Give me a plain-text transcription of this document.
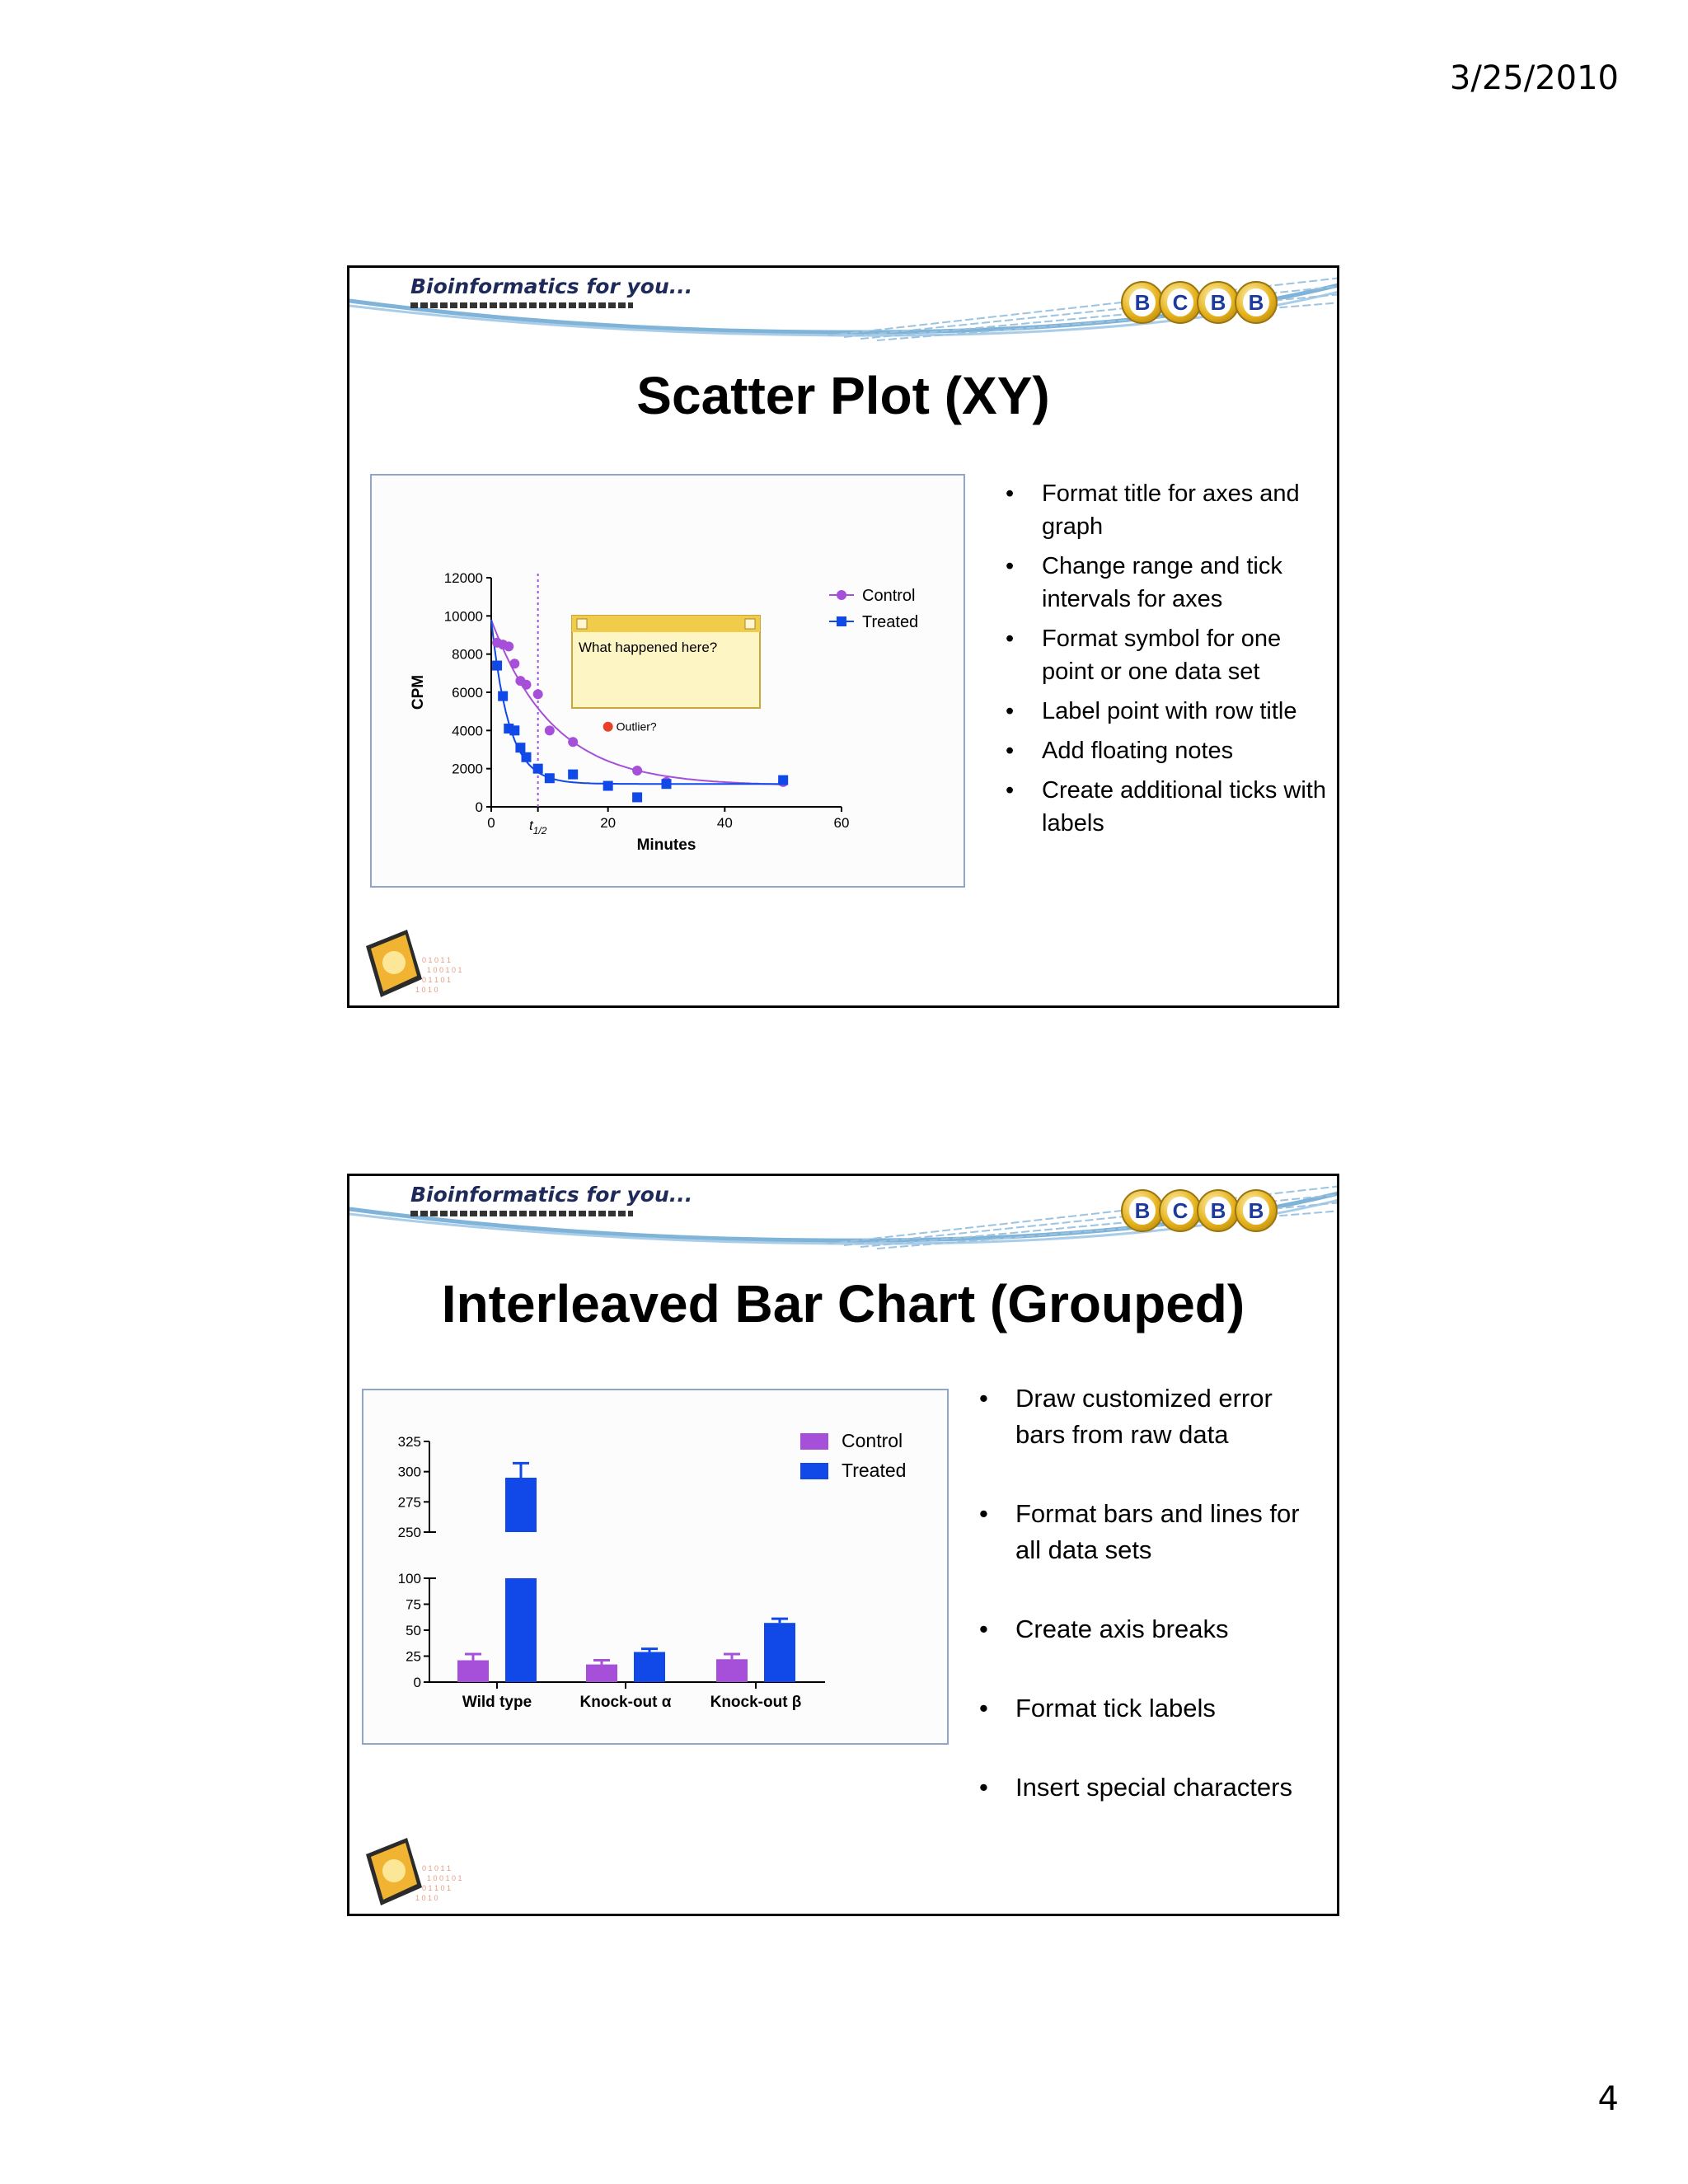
3/25/2010
Bioinformatics for you...
B C B B
Scatter Plot (XY)
0
2000
4000
6000
8000
10000
12000
0	20	40	60
$t_{1/2}$
Minutes
CPM
Outlier?
What happened here?
Control
Treated
• Format title for axes and graph
• Change range and tick intervals for axes
• Format symbol for one point or one data set
• Label point with row title
• Add floating notes
• Create additional ticks with labels
0 1 0 1 1
1 0 0 1 0 1
0 1 1 0 1
1 0 1 0
Bioinformatics for you...
B C B B
Interleaved Bar Chart (Grouped)
0
25
50
75
100
250
275
300
325
Wild type	Knock-out α Knock-out β
Control
Treated
• Draw customized error bars from raw data
• Format bars and lines for all data sets
• Create axis breaks
• Format tick labels
• Insert special characters
0 1 0 1 1
1 0 0 1 0 1
0 1 1 0 1
1 0 1 0
4
